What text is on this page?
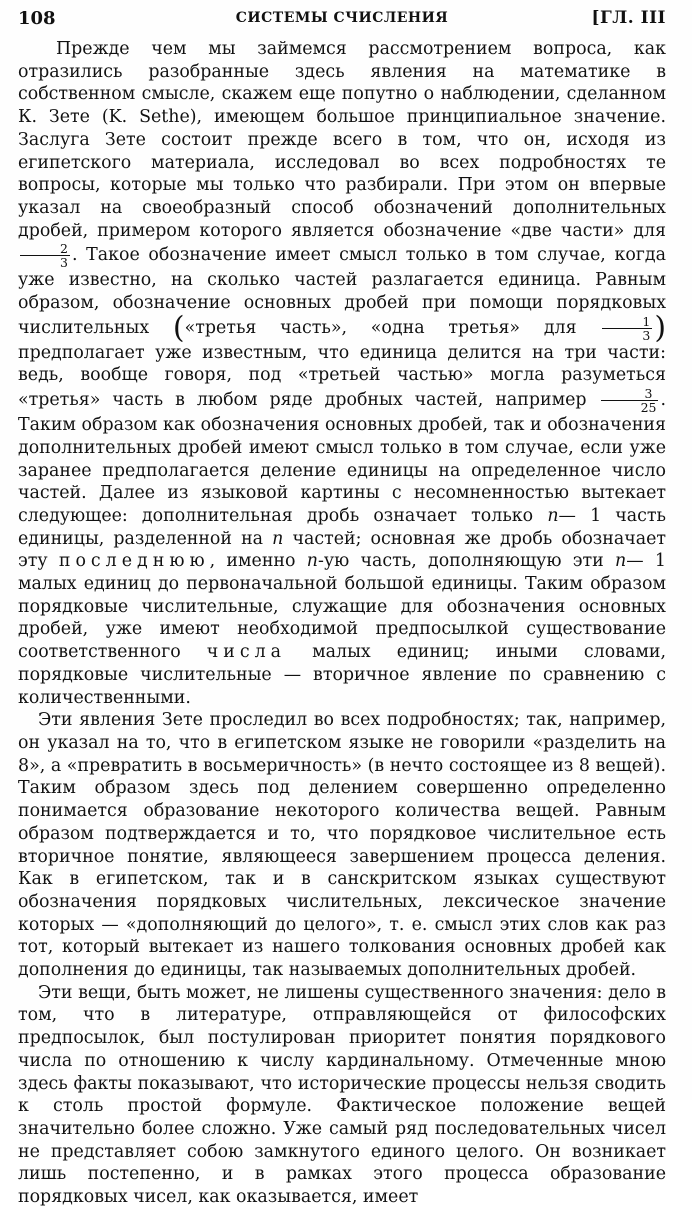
108	СИСТЕМЫ СЧИСЛЕНИЯ	[ГЛ. III

Прежде чем мы займемся рассмотрением вопроса, как отразились разобранные здесь явления на математике в собственном смысле, скажем еще попутно о наблюдении, сделанном К. Зете (K. Sethe), имеющем большое принципиальное значение. Заслуга Зете состоит прежде всего в том, что он, исходя из египетского материала, исследовал во всех подробностях те вопросы, которые мы только что разбирали. При этом он впервые указал на своеобразный способ обозначений дополнительных дробей, примером которого является обозначение «две части» для
$\frac{2}{3}$ . Такое обозначение имеет смысл только в том случае, когда уже известно, на сколько частей разлагается единица. Равным образом, обозначение основных дробей при помощи порядковых числительных («третья часть», «одна третья» для $\frac{1}{3}$ ) предполагает уже известным, что единица делится на три части: ведь, вообще говоря, под «третьей частью» могла разуметься «третья» часть в любом ряде дробных частей, например $\frac{3}{25}$ . Таким образом как обозначения основных дробей, так и обозначения дополнительных дробей имеют смысл только в том случае, если уже заранее предполагается деление единицы на определенное число частей. Далее из языковой картины с несомненностью вытекает следующее: дополнительная дробь означает только n— 1 часть единицы, разделенной на n частей; основная же дробь обозначает эту последнюю, именно n-ую часть, дополняющую эти n— 1 малых единиц до первоначальной большой единицы. Таким образом порядковые числительные, служащие для обозначения основных дробей, уже имеют необходимой предпосылкой существование соответственного числа малых единиц; иными словами, порядковые числительные — вторичное явление по сравнению с количественными.

Эти явления Зете проследил во всех подробностях; так, например, он указал на то, что в египетском языке не говорили «разделить на 8», а «превратить в восьмеричность» (в нечто состоящее из 8 вещей). Таким образом здесь под делением совершенно определенно понимается образование некоторого количества вещей. Равным образом подтверждается и то, что порядковое числительное есть вторичное понятие, являющееся завершением процесса деления. Как в египетском, так и в санскритском языках существуют обозначения порядковых числительных, лексическое значение которых — «дополняющий до целого», т. е. смысл этих слов как раз тот, который вытекает из нашего толкования основных дробей как дополнения до единицы, так называемых дополнительных дробей.

Эти вещи, быть может, не лишены существенного значения: дело в том, что в литературе, отправляющейся от философских предпосылок, был постулирован приоритет понятия порядкового числа по отношению к числу кардинальному. Отмеченные мною здесь факты показывают, что исторические процессы нельзя сводить к столь простой формуле. Фактическое положение вещей значительно более сложно. Уже самый ряд последовательных чисел не представляет собою замкнутого единого целого. Он возникает лишь постепенно, и в рамках этого процесса образование порядковых чисел, как оказывается, имеет
